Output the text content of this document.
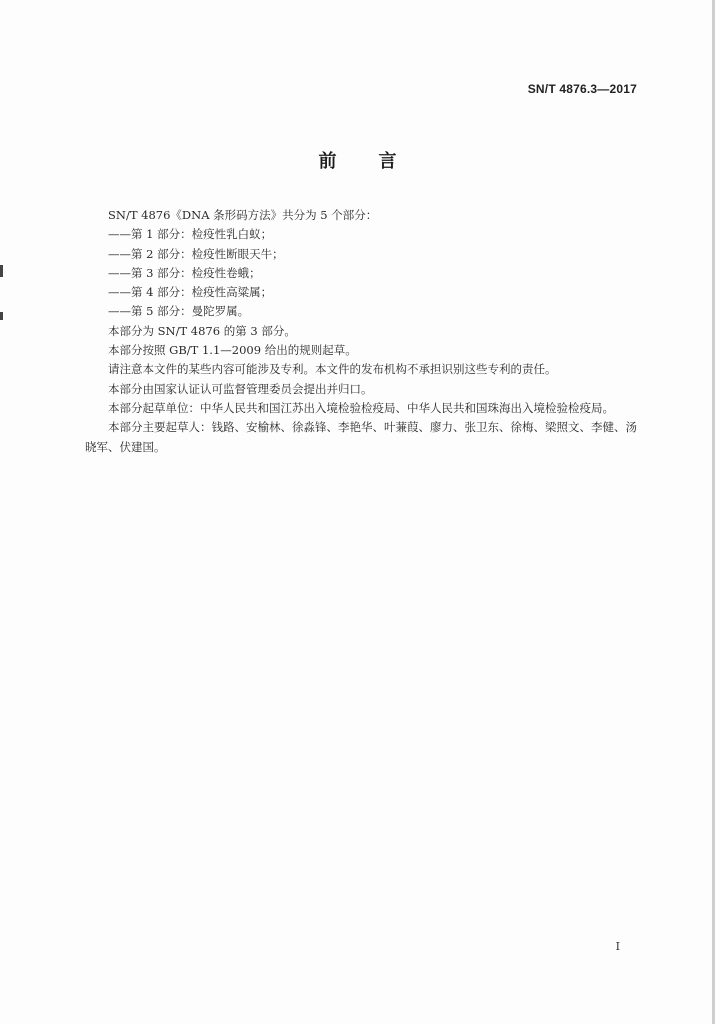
SN/T 4876.3—2017
前言
SN/T 4876《DNA 条形码方法》共分为 5 个部分：
——第 1 部分：检疫性乳白蚁；
——第 2 部分：检疫性断眼天牛；
——第 3 部分：检疫性卷蛾；
——第 4 部分：检疫性高粱属；
——第 5 部分：曼陀罗属。
本部分为 SN/T 4876 的第 3 部分。
本部分按照 GB/T 1.1—2009 给出的规则起草。
请注意本文件的某些内容可能涉及专利。本文件的发布机构不承担识别这些专利的责任。
本部分由国家认证认可监督管理委员会提出并归口。
本部分起草单位：中华人民共和国江苏出入境检验检疫局、中华人民共和国珠海出入境检验检疫局。
本部分主要起草人：钱路、安榆林、徐淼锋、李艳华、叶蒹葭、廖力、张卫东、徐梅、梁照文、李健、汤晓军、伏建国。
I
